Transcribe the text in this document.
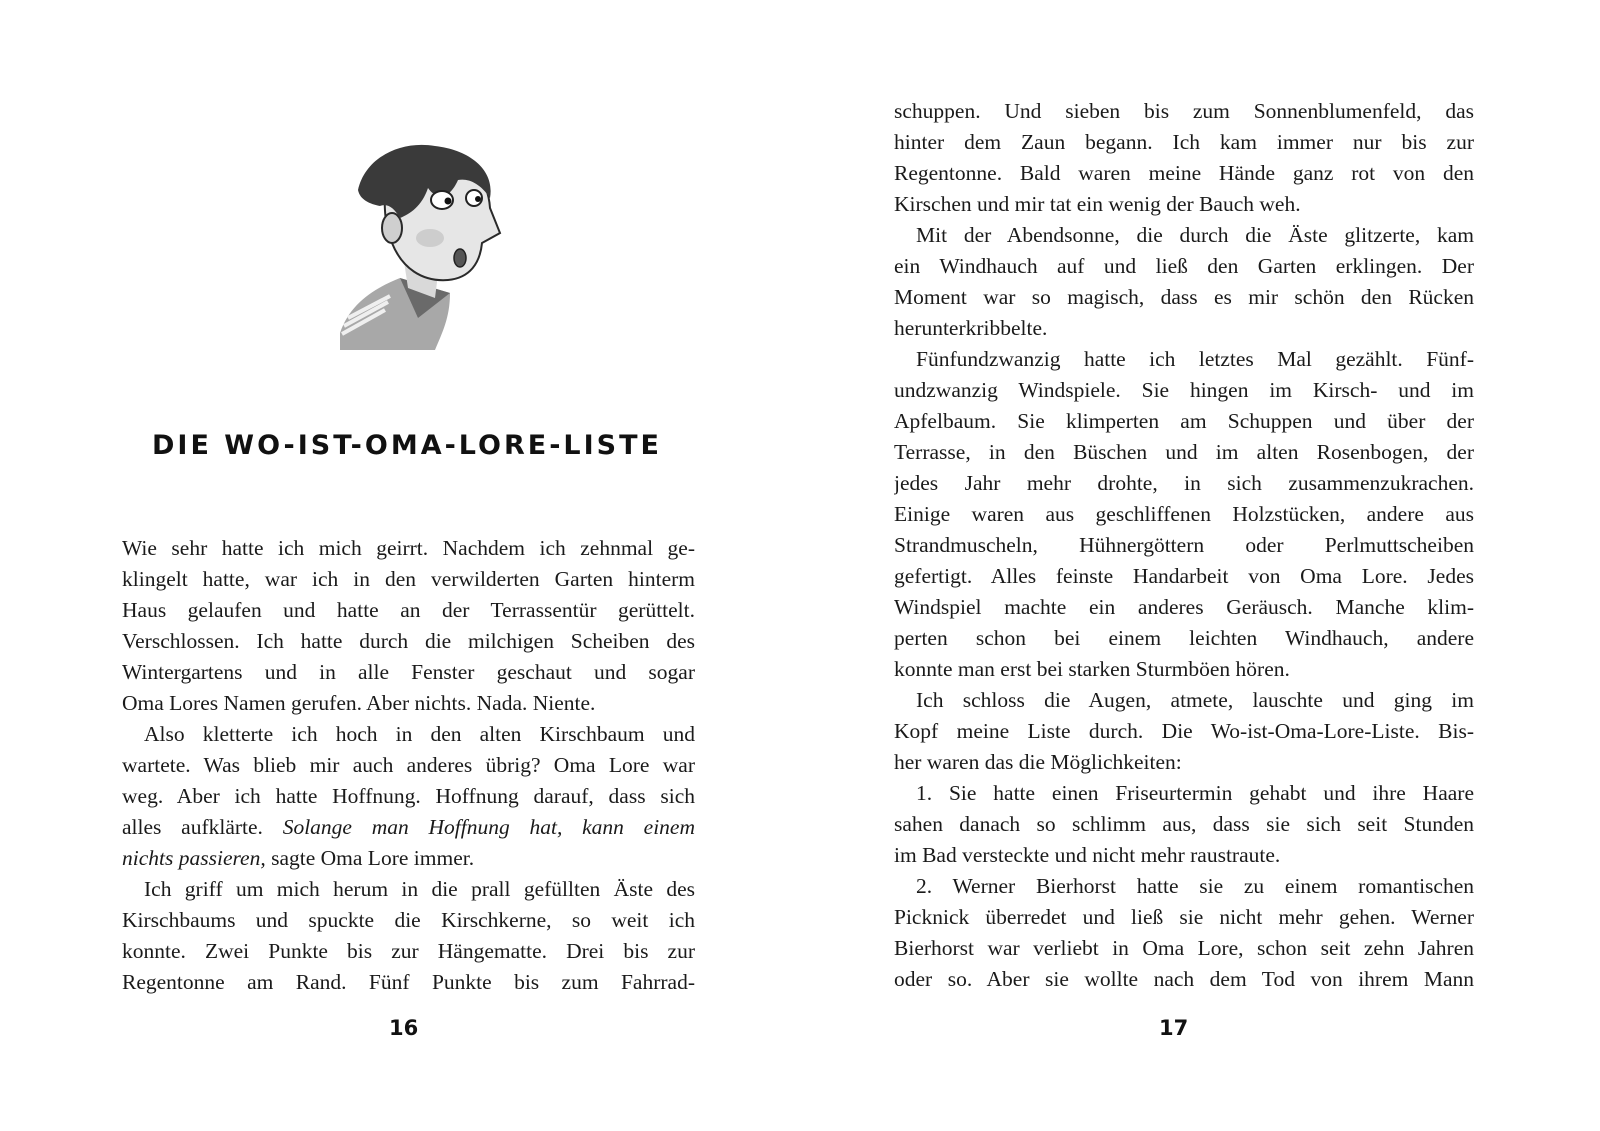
DIE WO-IST-OMA-LORE-LISTE
Wie sehr hatte ich mich geirrt. Nachdem ich zehnmal ge-
klingelt hatte, war ich in den verwilderten Garten hinterm
Haus gelaufen und hatte an der Terrassentür gerüttelt.
Verschlossen. Ich hatte durch die milchigen Scheiben des
Wintergartens und in alle Fenster geschaut und sogar
Oma Lores Namen gerufen. Aber nichts. Nada. Niente.
Also kletterte ich hoch in den alten Kirschbaum und
wartete. Was blieb mir auch anderes übrig? Oma Lore war
weg. Aber ich hatte Hoffnung. Hoffnung darauf, dass sich
alles aufklärte. Solange man Hoffnung hat, kann einem
nichts passieren, sagte Oma Lore immer.
Ich griff um mich herum in die prall gefüllten Äste des
Kirschbaums und spuckte die Kirschkerne, so weit ich
konnte. Zwei Punkte bis zur Hängematte. Drei bis zur
Regentonne am Rand. Fünf Punkte bis zum Fahrrad-
16
schuppen. Und sieben bis zum Sonnenblumenfeld, das
hinter dem Zaun begann. Ich kam immer nur bis zur
Regentonne. Bald waren meine Hände ganz rot von den
Kirschen und mir tat ein wenig der Bauch weh.
Mit der Abendsonne, die durch die Äste glitzerte, kam
ein Windhauch auf und ließ den Garten erklingen. Der
Moment war so magisch, dass es mir schön den Rücken
herunterkribbelte.
Fünfundzwanzig hatte ich letztes Mal gezählt. Fünf-
undzwanzig Windspiele. Sie hingen im Kirsch- und im
Apfelbaum. Sie klimperten am Schuppen und über der
Terrasse, in den Büschen und im alten Rosenbogen, der
jedes Jahr mehr drohte, in sich zusammenzukrachen.
Einige waren aus geschliffenen Holzstücken, andere aus
Strandmuscheln, Hühnergöttern oder Perlmuttscheiben
gefertigt. Alles feinste Handarbeit von Oma Lore. Jedes
Windspiel machte ein anderes Geräusch. Manche klim-
perten schon bei einem leichten Windhauch, andere
konnte man erst bei starken Sturmböen hören.
Ich schloss die Augen, atmete, lauschte und ging im
Kopf meine Liste durch. Die Wo-ist-Oma-Lore-Liste. Bis-
her waren das die Möglichkeiten:
1. Sie hatte einen Friseurtermin gehabt und ihre Haare
sahen danach so schlimm aus, dass sie sich seit Stunden
im Bad versteckte und nicht mehr raustraute.
2. Werner Bierhorst hatte sie zu einem romantischen
Picknick überredet und ließ sie nicht mehr gehen. Werner
Bierhorst war verliebt in Oma Lore, schon seit zehn Jahren
oder so. Aber sie wollte nach dem Tod von ihrem Mann
17
